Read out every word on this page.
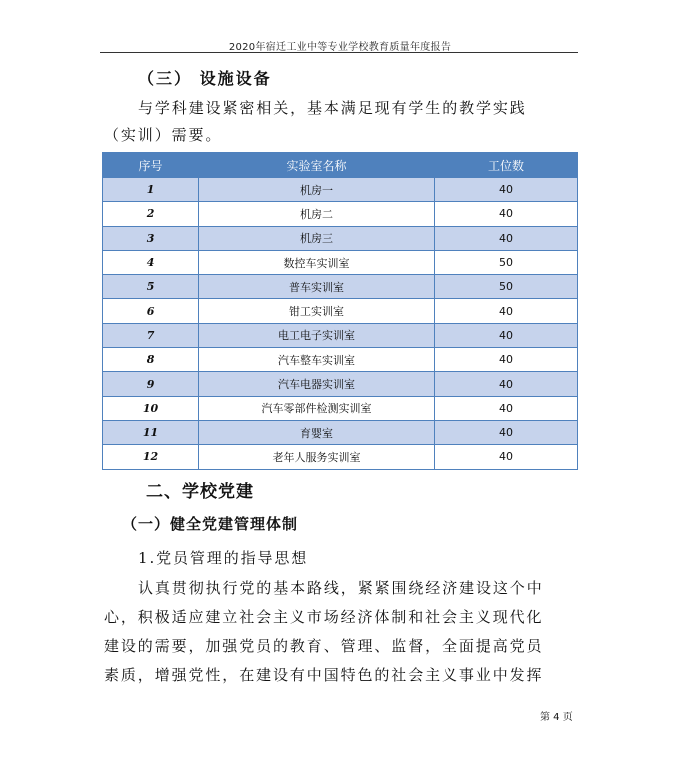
2020年宿迁工业中等专业学校教育质量年度报告
（三） 设施设备
与学科建设紧密相关，基本满足现有学生的教学实践
（实训）需要。
序号	实验室名称	工位数
1	机房一	40
2	机房二	40
3	机房三	40
4	数控车实训室	50
5	普车实训室	50
6	钳工实训室	40
7	电工电子实训室	40
8	汽车整车实训室	40
9	汽车电器实训室	40
10	汽车零部件检测实训室	40
11	育婴室	40
12	老年人服务实训室	40
二、学校党建
（一）健全党建管理体制
1.党员管理的指导思想
认真贯彻执行党的基本路线，紧紧围绕经济建设这个中
心，积极适应建立社会主义市场经济体制和社会主义现代化
建设的需要，加强党员的教育、管理、监督，全面提高党员
素质，增强党性，在建设有中国特色的社会主义事业中发挥
第 4 页
